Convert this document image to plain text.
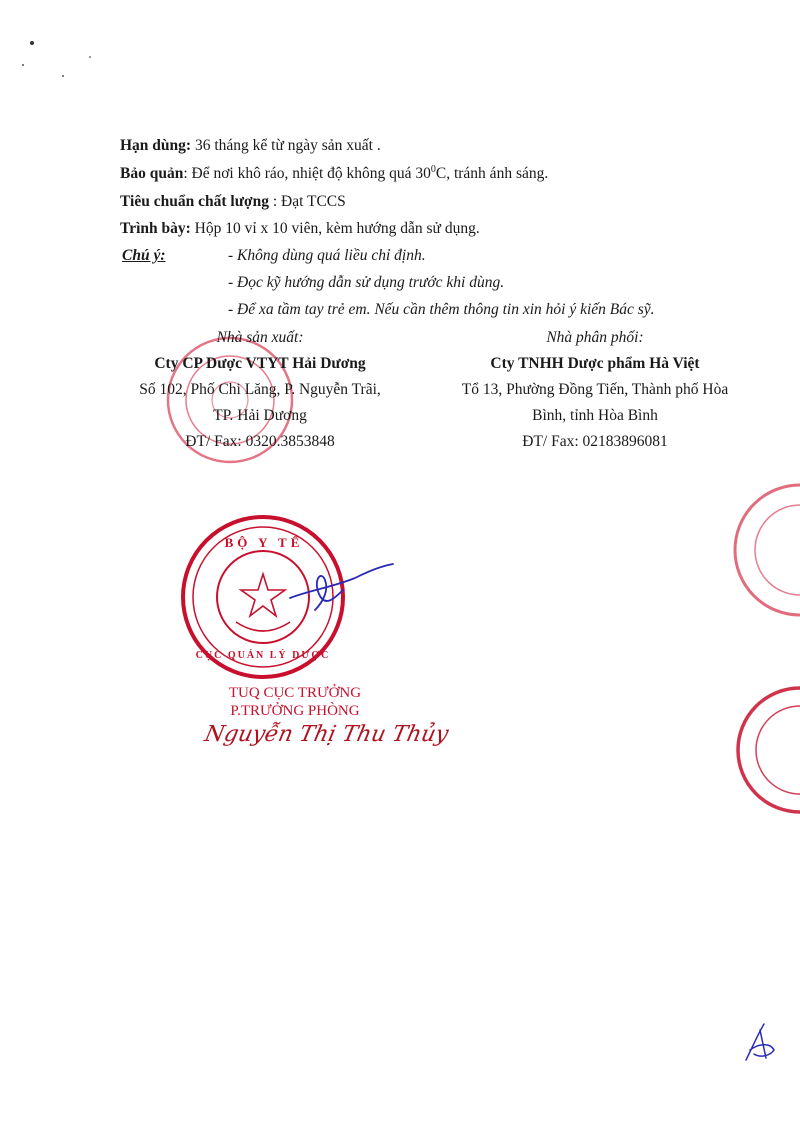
Hạn dùng: 36 tháng kể từ ngày sản xuất .
Bảo quản: Để nơi khô ráo, nhiệt độ không quá $30^0C$, tránh ánh sáng.
Tiêu chuẩn chất lượng : Đạt TCCS
Trình bày: Hộp 10 vỉ x 10 viên, kèm hướng dẫn sử dụng.
Chú ý:	- Không dùng quá liều chỉ định.
- Đọc kỹ hướng dẫn sử dụng trước khi dùng.
- Để xa tầm tay trẻ em. Nếu cần thêm thông tin xin hỏi ý kiến Bác sỹ.
Nhà sản xuất:
Cty CP Dược VTYT Hải Dương
Số 102, Phố Chi Lăng, P. Nguyễn Trãi,
TP. Hải Dương
ĐT/ Fax: 0320.3853848
Nhà phân phối:
Cty TNHH Dược phẩm Hà Việt
Tổ 13, Phường Đồng Tiến, Thành phố Hòa
Bình, tỉnh Hòa Bình
ĐT/ Fax: 02183896081
BỘ Y TẾ
CỤC QUẢN LÝ DƯỢC
TUQ CỤC TRƯỞNG
P.TRƯỞNG PHÒNG
Nguyễn Thị Thu Thủy
